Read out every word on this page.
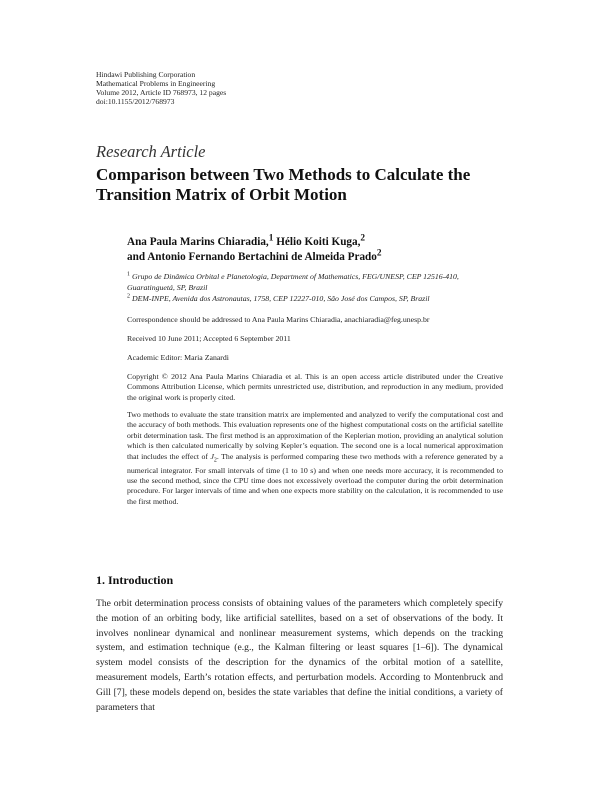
Hindawi Publishing Corporation
Mathematical Problems in Engineering
Volume 2012, Article ID 768973, 12 pages
doi:10.1155/2012/768973
Research Article
Comparison between Two Methods to Calculate the Transition Matrix of Orbit Motion
Ana Paula Marins Chiaradia,$^1$ Hélio Koiti Kuga,$^2$
and Antonio Fernando Bertachini de Almeida Prado$^2$
$^1$ Grupo de Dinâmica Orbital e Planetologia, Department of Mathematics, FEG/UNESP, CEP 12516-410, Guaratinguetá, SP, Brazil
$^2$ DEM-INPE, Avenida dos Astronautas, 1758, CEP 12227-010, São José dos Campos, SP, Brazil
Correspondence should be addressed to Ana Paula Marins Chiaradia, anachiaradia@feg.unesp.br
Received 10 June 2011; Accepted 6 September 2011
Academic Editor: Maria Zanardi
Copyright © 2012 Ana Paula Marins Chiaradia et al. This is an open access article distributed under the Creative Commons Attribution License, which permits unrestricted use, distribution, and reproduction in any medium, provided the original work is properly cited.
Two methods to evaluate the state transition matrix are implemented and analyzed to verify the computational cost and the accuracy of both methods. This evaluation represents one of the highest computational costs on the artificial satellite orbit determination task. The first method is an approximation of the Keplerian motion, providing an analytical solution which is then calculated numerically by solving Kepler’s equation. The second one is a local numerical approximation that includes the effect of $J_2$. The analysis is performed comparing these two methods with a reference generated by a numerical integrator. For small intervals of time (1 to 10 s) and when one needs more accuracy, it is recommended to use the second method, since the CPU time does not excessively overload the computer during the orbit determination procedure. For larger intervals of time and when one expects more stability on the calculation, it is recommended to use the first method.
1. Introduction
The orbit determination process consists of obtaining values of the parameters which completely specify the motion of an orbiting body, like artificial satellites, based on a set of observations of the body. It involves nonlinear dynamical and nonlinear measurement systems, which depends on the tracking system, and estimation technique (e.g., the Kalman filtering or least squares [1–6]). The dynamical system model consists of the description for the dynamics of the orbital motion of a satellite, measurement models, Earth’s rotation effects, and perturbation models. According to Montenbruck and Gill [7], these models depend on, besides the state variables that define the initial conditions, a variety of parameters that
